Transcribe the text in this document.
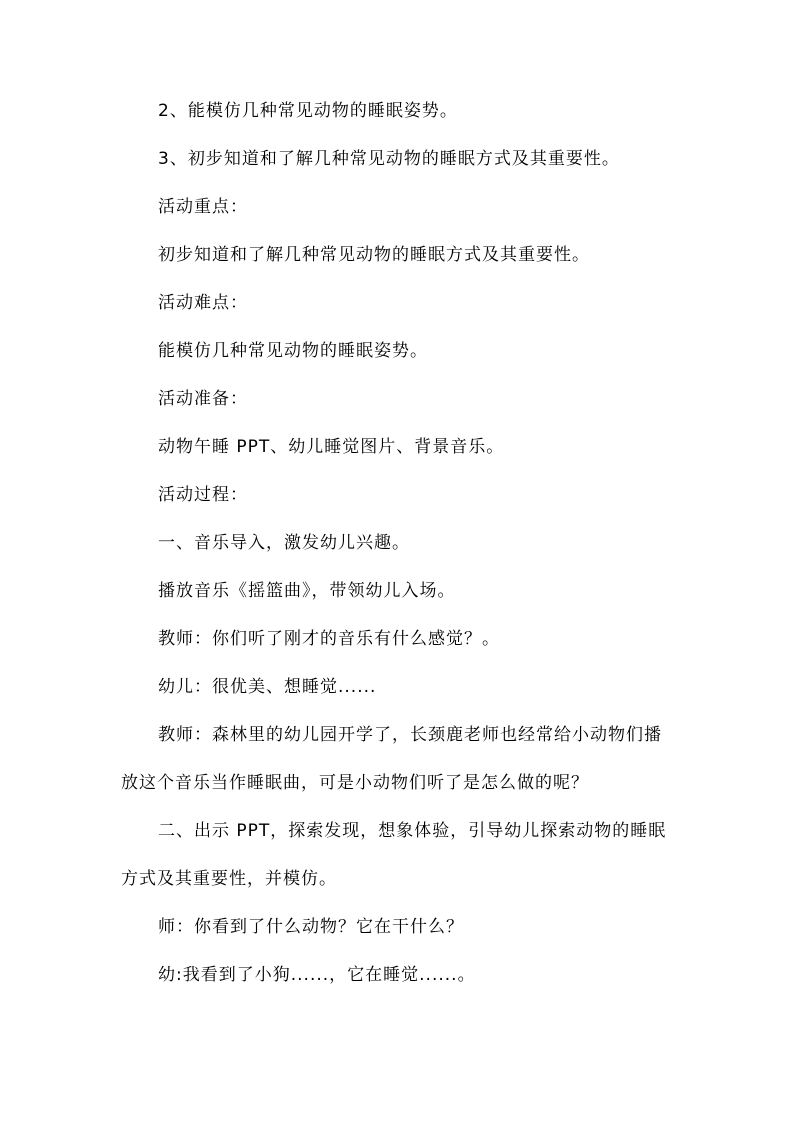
2、能模仿几种常见动物的睡眠姿势。
3、初步知道和了解几种常见动物的睡眠方式及其重要性。
活动重点：
初步知道和了解几种常见动物的睡眠方式及其重要性。
活动难点：
能模仿几种常见动物的睡眠姿势。
活动准备：
动物午睡 PPT、幼儿睡觉图片、背景音乐。
活动过程：
一、音乐导入，激发幼儿兴趣。
播放音乐《摇篮曲》，带领幼儿入场。
教师：你们听了刚才的音乐有什么感觉？。
幼儿：很优美、想睡觉......
教师：森林里的幼儿园开学了，长颈鹿老师也经常给小动物们播
放这个音乐当作睡眠曲，可是小动物们听了是怎么做的呢？
二、出示 PPT，探索发现，想象体验，引导幼儿探索动物的睡眠
方式及其重要性，并模仿。
师：你看到了什么动物？它在干什么？
幼:我看到了小狗......，它在睡觉......。
